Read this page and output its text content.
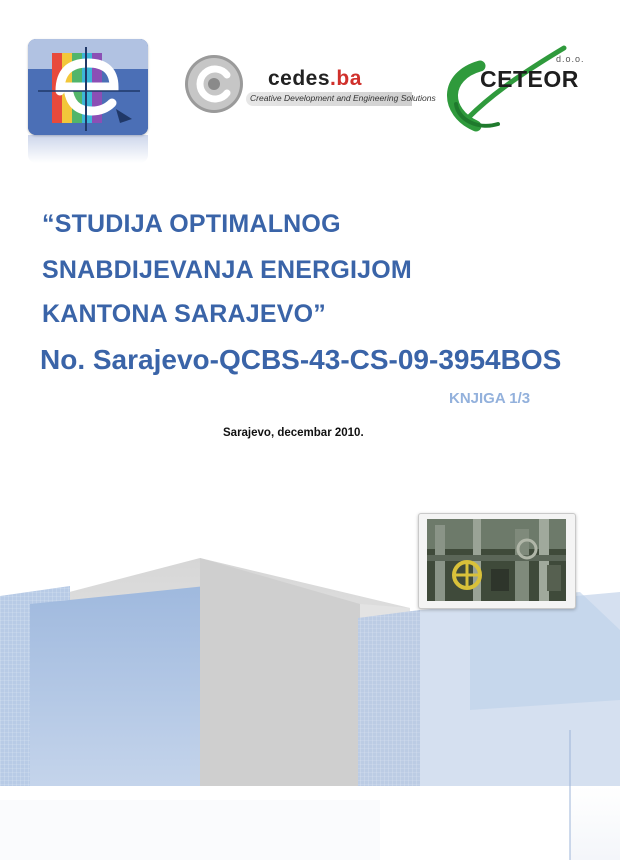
cedes.ba
Creative Development and Engineering Solutions
d.o.o.
CETEOR
“STUDIJA OPTIMALNOG
SNABDIJEVANJA ENERGIJOM
KANTONA SARAJEVO”
No. Sarajevo-QCBS-43-CS-09-3954BOS
KNJIGA 1/3
Sarajevo, decembar 2010.
